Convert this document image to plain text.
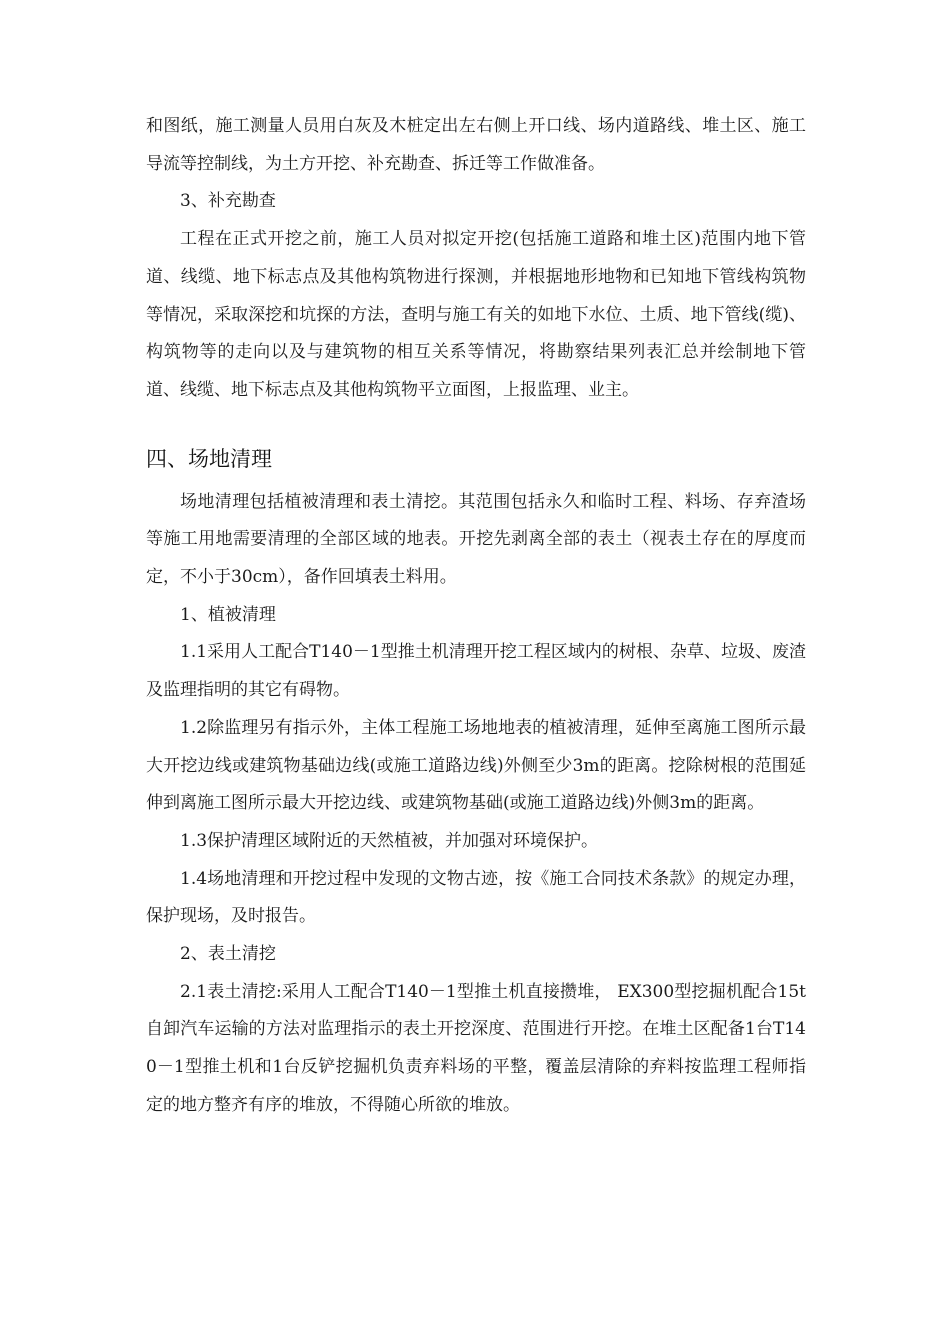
和图纸，施工测量人员用白灰及木桩定出左右侧上开口线、场内道路线、堆土区、施工导流等控制线，为土方开挖、补充勘查、拆迁等工作做准备。

3、补充勘查

工程在正式开挖之前，施工人员对拟定开挖(包括施工道路和堆土区)范围内地下管道、线缆、地下标志点及其他构筑物进行探测，并根据地形地物和已知地下管线构筑物等情况，采取深挖和坑探的方法，查明与施工有关的如地下水位、土质、地下管线(缆)、构筑物等的走向以及与建筑物的相互关系等情况，将勘察结果列表汇总并绘制地下管道、线缆、地下标志点及其他构筑物平立面图，上报监理、业主。

四、场地清理

场地清理包括植被清理和表土清挖。其范围包括永久和临时工程、料场、存弃渣场等施工用地需要清理的全部区域的地表。开挖先剥离全部的表土（视表土存在的厚度而定，不小于30cm），备作回填表土料用。

1、植被清理

1.1采用人工配合T140－1型推土机清理开挖工程区域内的树根、杂草、垃圾、废渣及监理指明的其它有碍物。

1.2除监理另有指示外，主体工程施工场地地表的植被清理，延伸至离施工图所示最大开挖边线或建筑物基础边线(或施工道路边线)外侧至少3m的距离。挖除树根的范围延伸到离施工图所示最大开挖边线、或建筑物基础(或施工道路边线)外侧3m的距离。

1.3保护清理区域附近的天然植被，并加强对环境保护。

1.4场地清理和开挖过程中发现的文物古迹，按《施工合同技术条款》的规定办理，保护现场，及时报告。

2、表土清挖

2.1表土清挖:采用人工配合T140－1型推土机直接攒堆， EX300型挖掘机配合15t自卸汽车运输的方法对监理指示的表土开挖深度、范围进行开挖。在堆土区配备1台T140－1型推土机和1台反铲挖掘机负责弃料场的平整，覆盖层清除的弃料按监理工程师指定的地方整齐有序的堆放，不得随心所欲的堆放。
